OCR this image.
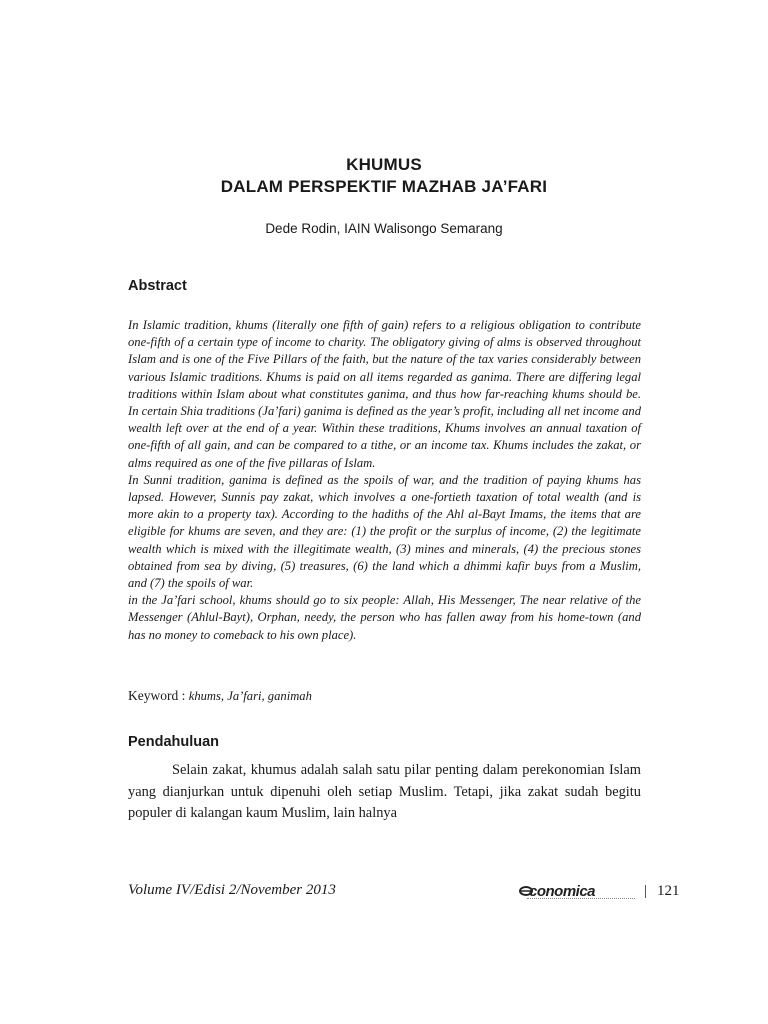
KHUMUS
DALAM PERSPEKTIF MAZHAB JA’FARI
Dede Rodin, IAIN Walisongo Semarang
Abstract

In Islamic tradition, khums (literally one fifth of gain) refers to a religious obligation to contribute one-fifth of a certain type of income to charity. The obligatory giving of alms is observed throughout Islam and is one of the Five Pillars of the faith, but the nature of the tax varies considerably between various Islamic traditions. Khums is paid on all items regarded as ganima. There are differing legal traditions within Islam about what constitutes ganima, and thus how far-reaching khums should be. In certain Shia traditions (Ja’fari) ganima is defined as the year’s profit, including all net income and wealth left over at the end of a year. Within these traditions, Khums involves an annual taxation of one-fifth of all gain, and can be compared to a tithe, or an income tax. Khums includes the zakat, or alms required as one of the five pillaras of Islam.

In Sunni tradition, ganima is defined as the spoils of war, and the tradition of paying khums has lapsed. However, Sunnis pay zakat, which involves a one-fortieth taxation of total wealth (and is more akin to a property tax). According to the hadiths of the Ahl al-Bayt Imams, the items that are eligible for khums are seven, and they are: (1) the profit or the surplus of income, (2) the legitimate wealth which is mixed with the illegitimate wealth, (3) mines and minerals, (4) the precious stones obtained from sea by diving, (5) treasures, (6) the land which a dhimmi kafir buys from a Muslim, and (7) the spoils of war.

in the Ja’fari school, khums should go to six people: Allah, His Messenger, The near relative of the Messenger (Ahlul-Bayt), Orphan, needy, the person who has fallen away from his home-town (and has no money to comeback to his own place).

Keyword : khums, Ja’fari, ganimah
Pendahuluan

Selain zakat, khumus adalah salah satu pilar penting dalam perekonomian Islam yang dianjurkan untuk dipenuhi oleh setiap Muslim. Tetapi, jika zakat sudah begitu populer di kalangan kaum Muslim, lain halnya

Volume IV/Edisi 2/November 2013	conomica	| 121
